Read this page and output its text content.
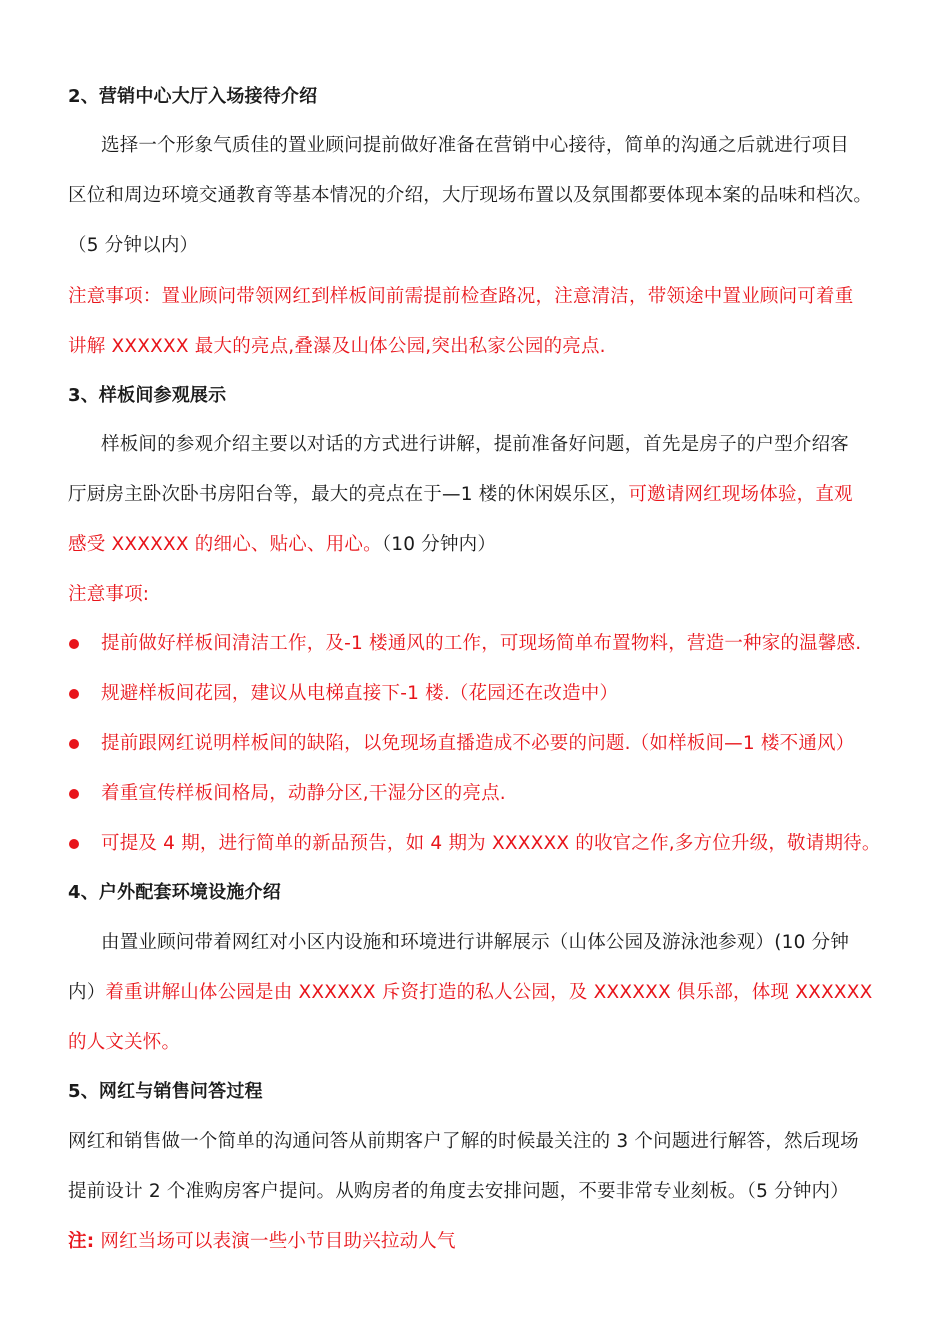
2、营销中心大厅入场接待介绍
选择一个形象气质佳的置业顾问提前做好准备在营销中心接待，简单的沟通之后就进行项目
区位和周边环境交通教育等基本情况的介绍，大厅现场布置以及氛围都要体现本案的品味和档次。
（5 分钟以内）
注意事项：置业顾问带领网红到样板间前需提前检查路况，注意清洁，带领途中置业顾问可着重
讲解 XXXXXX 最大的亮点,叠瀑及山体公园,突出私家公园的亮点.
3、样板间参观展示
样板间的参观介绍主要以对话的方式进行讲解，提前准备好问题，首先是房子的户型介绍客
厅厨房主卧次卧书房阳台等，最大的亮点在于—1 楼的休闲娱乐区，可邀请网红现场体验，直观
感受 XXXXXX 的细心、贴心、用心。（10 分钟内）
注意事项:
提前做好样板间清洁工作，及-1 楼通风的工作，可现场简单布置物料，营造一种家的温馨感.
规避样板间花园，建议从电梯直接下-1 楼.（花园还在改造中）
提前跟网红说明样板间的缺陷，以免现场直播造成不必要的问题.（如样板间—1 楼不通风）
着重宣传样板间格局，动静分区,干湿分区的亮点.
可提及 4 期，进行简单的新品预告，如 4 期为 XXXXXX 的收官之作,多方位升级，敬请期待。
4、户外配套环境设施介绍
由置业顾问带着网红对小区内设施和环境进行讲解展示（山体公园及游泳池参观）(10 分钟
内）着重讲解山体公园是由 XXXXXX 斥资打造的私人公园，及 XXXXXX 俱乐部，体现 XXXXXX
的人文关怀。
5、网红与销售问答过程
网红和销售做一个简单的沟通问答从前期客户了解的时候最关注的 3 个问题进行解答，然后现场
提前设计 2 个准购房客户提问。从购房者的角度去安排问题，不要非常专业刻板。（5 分钟内）
注: 网红当场可以表演一些小节目助兴拉动人气
